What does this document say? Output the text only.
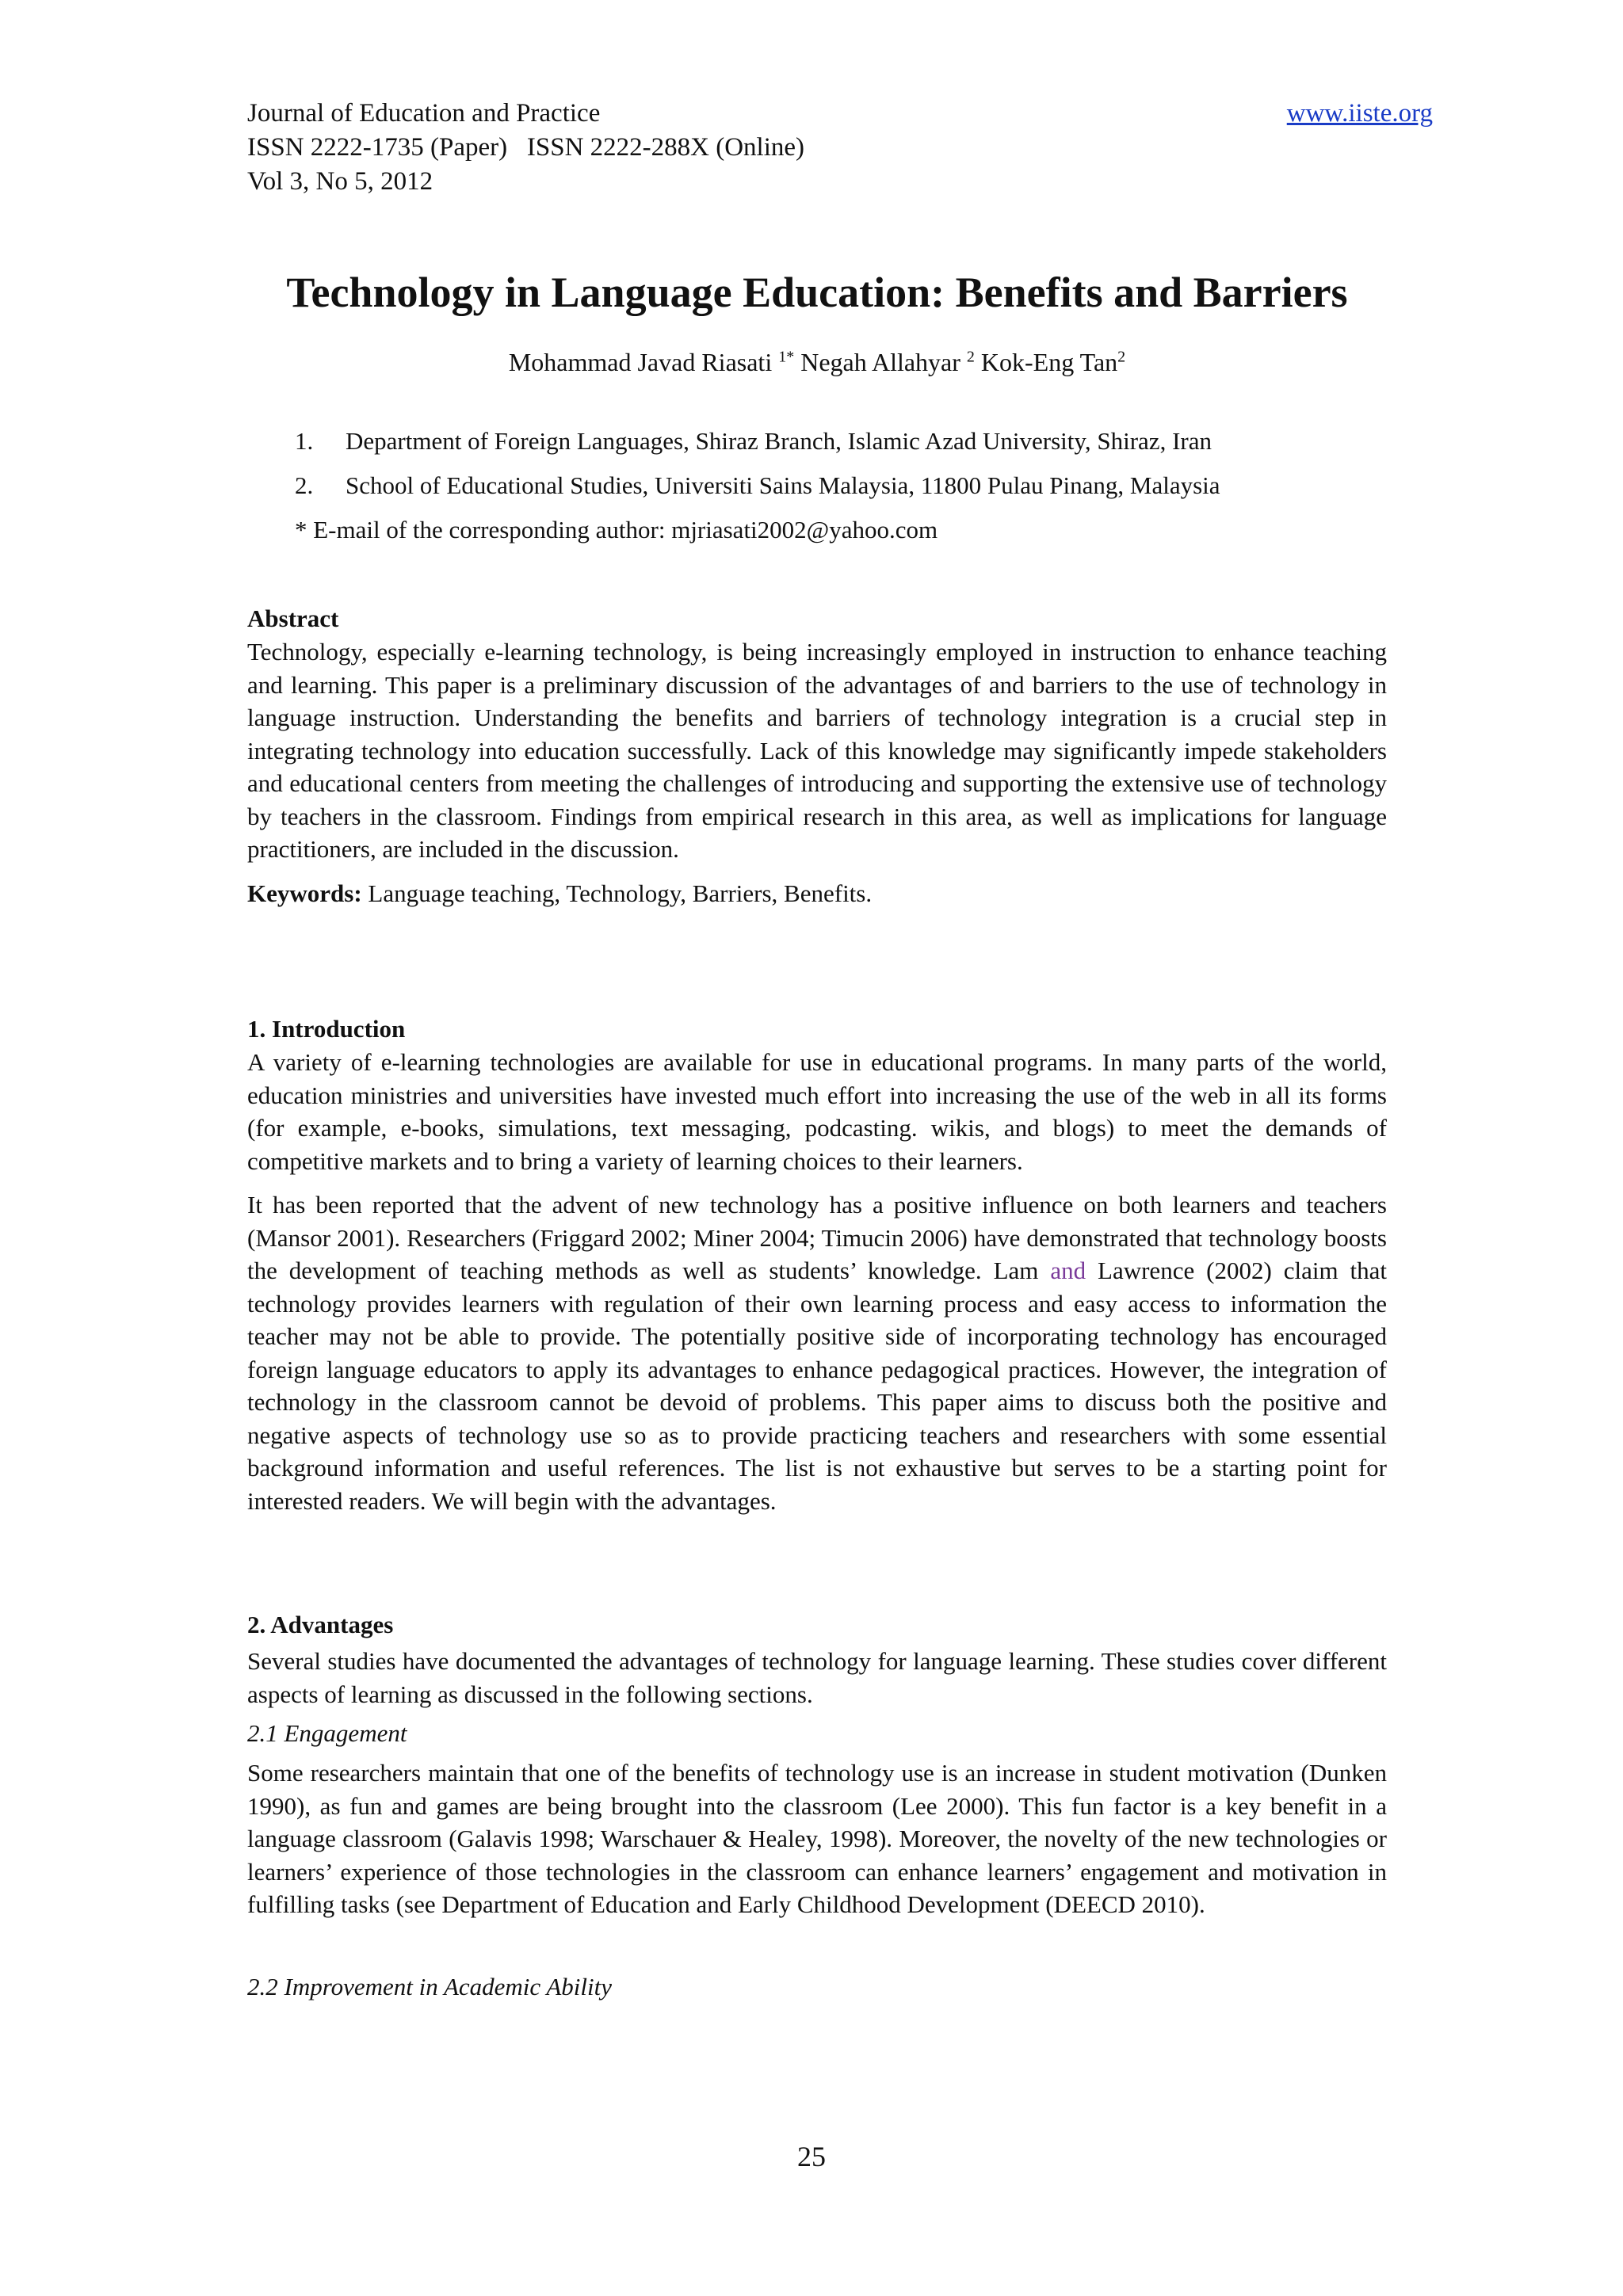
Journal of Education and Practice	www.iiste.org
ISSN 2222-1735 (Paper)   ISSN 2222-288X (Online)
Vol 3, No 5, 2012
Technology in Language Education: Benefits and Barriers
Mohammad Javad Riasati $^{1*}$ Negah Allahyar $^2$ Kok-Eng Tan$^2$
1.	Department of Foreign Languages, Shiraz Branch, Islamic Azad University, Shiraz, Iran
2.	School of Educational Studies, Universiti Sains Malaysia, 11800 Pulau Pinang, Malaysia
* E-mail of the corresponding author: mjriasati2002@yahoo.com
Abstract

Technology, especially e-learning technology, is being increasingly employed in instruction to enhance teaching and learning. This paper is a preliminary discussion of the advantages of and barriers to the use of technology in language instruction. Understanding the benefits and barriers of technology integration is a crucial step in integrating technology into education successfully. Lack of this knowledge may significantly impede stakeholders and educational centers from meeting the challenges of introducing and supporting the extensive use of technology by teachers in the classroom. Findings from empirical research in this area, as well as implications for language practitioners, are included in the discussion.

Keywords: Language teaching, Technology, Barriers, Benefits.

1. Introduction

A variety of e-learning technologies are available for use in educational programs. In many parts of the world, education ministries and universities have invested much effort into increasing the use of the web in all its forms (for example, e-books, simulations, text messaging, podcasting. wikis, and blogs) to meet the demands of competitive markets and to bring a variety of learning choices to their learners.

It has been reported that the advent of new technology has a positive influence on both learners and teachers (Mansor 2001). Researchers (Friggard 2002; Miner 2004; Timucin 2006) have demonstrated that technology boosts the development of teaching methods as well as students’ knowledge. Lam and Lawrence (2002) claim that technology provides learners with regulation of their own learning process and easy access to information the teacher may not be able to provide. The potentially positive side of incorporating technology has encouraged foreign language educators to apply its advantages to enhance pedagogical practices. However, the integration of technology in the classroom cannot be devoid of problems. This paper aims to discuss both the positive and negative aspects of technology use so as to provide practicing teachers and researchers with some essential background information and useful references. The list is not exhaustive but serves to be a starting point for interested readers. We will begin with the advantages.

2. Advantages

Several studies have documented the advantages of technology for language learning. These studies cover different aspects of learning as discussed in the following sections.

2.1 Engagement

Some researchers maintain that one of the benefits of technology use is an increase in student motivation (Dunken 1990), as fun and games are being brought into the classroom (Lee 2000). This fun factor is a key benefit in a language classroom (Galavis 1998; Warschauer & Healey, 1998). Moreover, the novelty of the new technologies or learners’ experience of those technologies in the classroom can enhance learners’ engagement and motivation in fulfilling tasks (see Department of Education and Early Childhood Development (DEECD 2010).

2.2 Improvement in Academic Ability
25
